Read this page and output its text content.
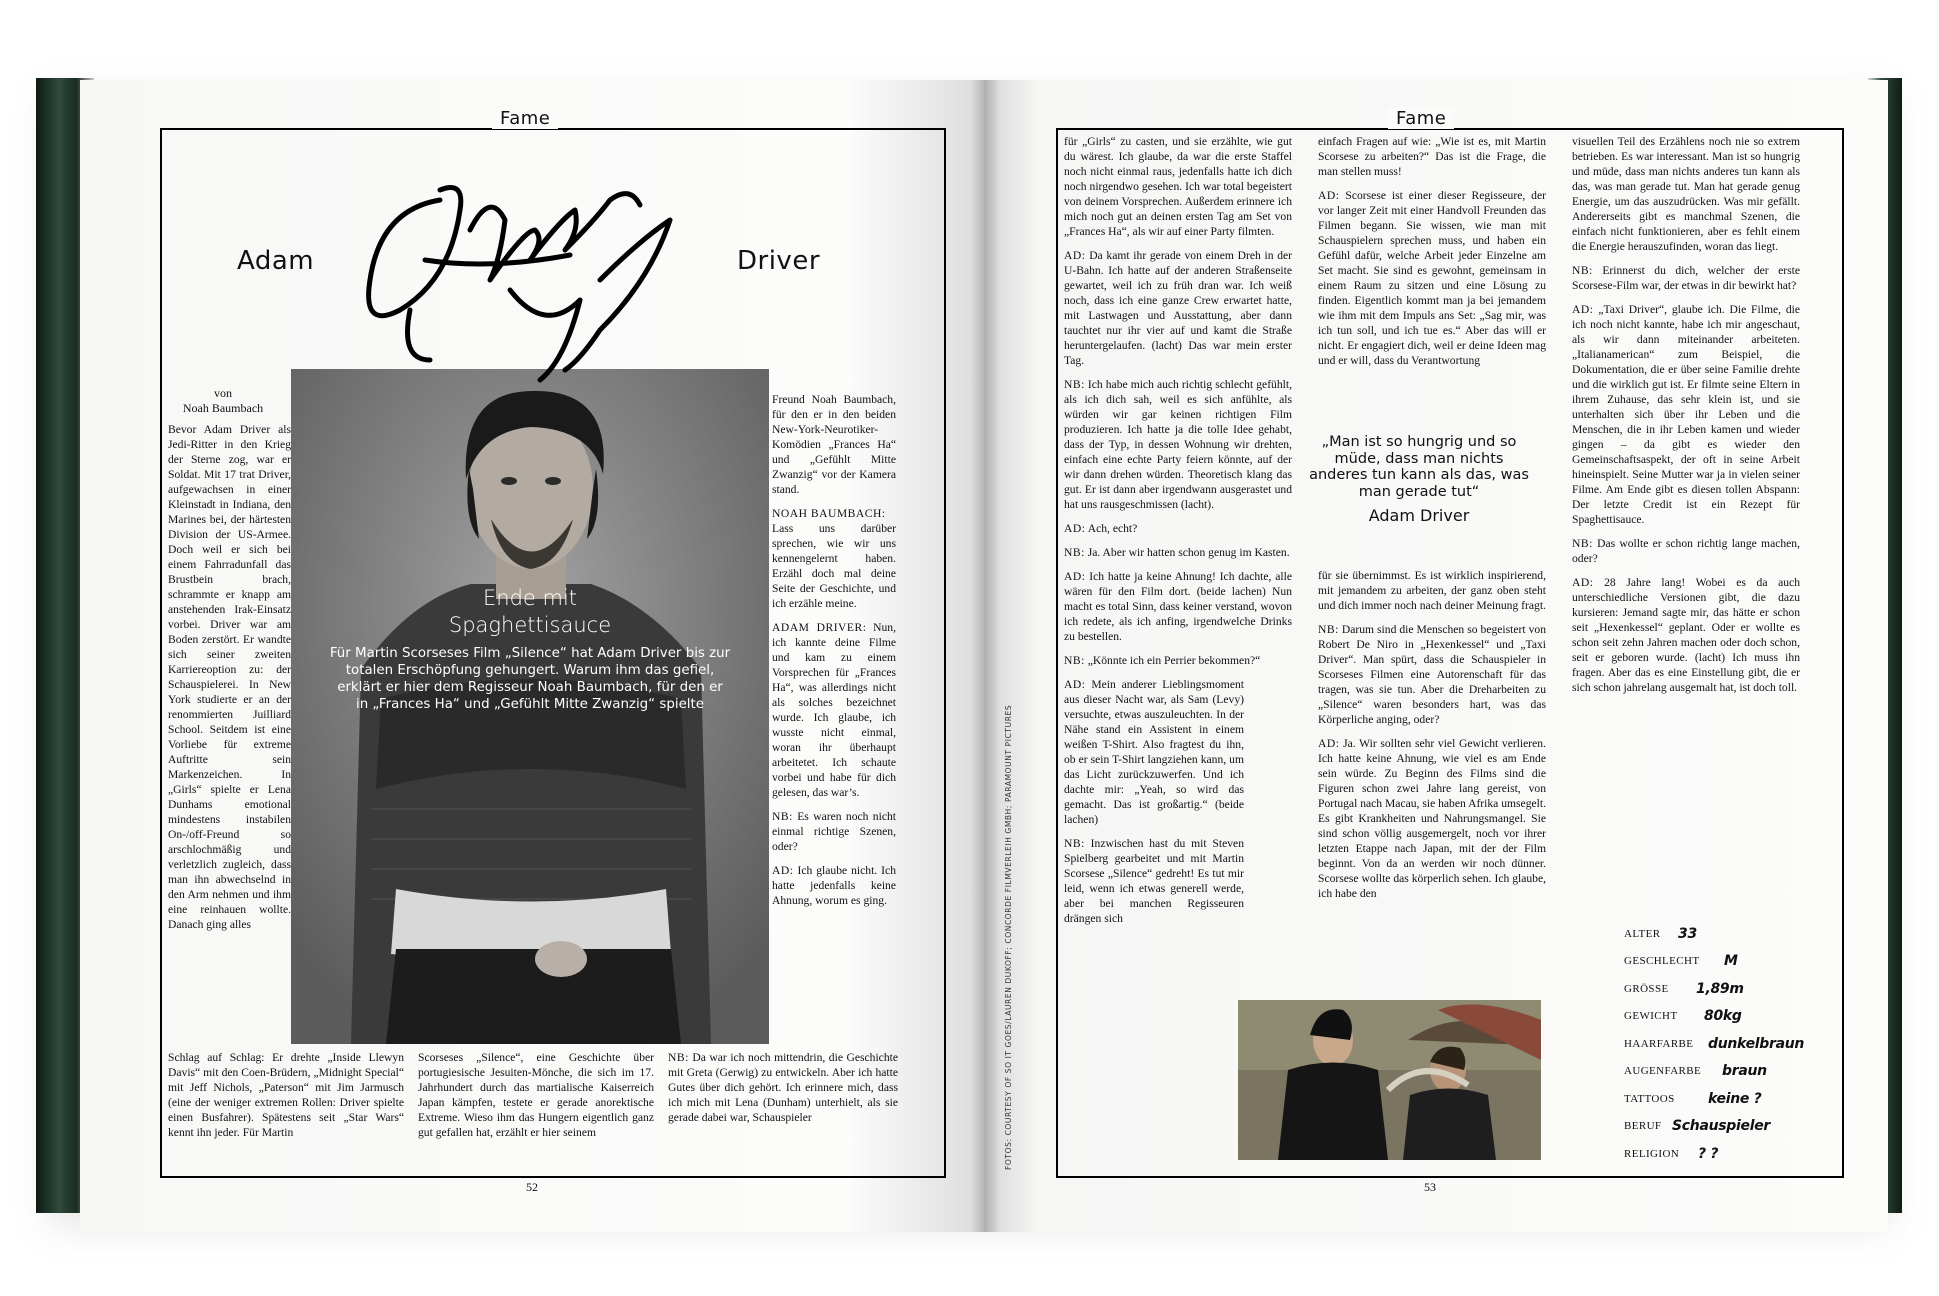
Fame
52
Fame
53
Adam	Driver
Ende mit
Spaghettisauce
Für Martin Scorseses Film „Silence“ hat Adam Driver bis zur totalen Erschöpfung gehungert. Warum ihm das gefiel, erklärt er hier dem Regisseur Noah Baumbach, für den er in „Frances Ha“ und „Gefühlt Mitte Zwanzig“ spielte
von
Noah Baumbach

Bevor Adam Driver als Jedi-Ritter in den Krieg der Sterne zog, war er Soldat. Mit 17 trat Driver, aufgewachsen in einer Kleinstadt in Indiana, den Marines bei, der härtesten Division der US-Armee. Doch weil er sich bei einem Fahrradunfall das Brustbein brach, schrammte er knapp am anstehenden Irak-Einsatz vorbei. Driver war am Boden zerstört. Er wandte sich seiner zweiten Karriereoption zu: der Schauspielerei. In New York studierte er an der renommierten Juilliard School. Seitdem ist eine Vorliebe für extreme Auftritte sein Markenzeichen. In „Girls“ spielte er Lena Dunhams emotional mindestens instabilen On-/off-Freund so arschlochmäßig und verletzlich zugleich, dass man ihn abwechselnd in den Arm nehmen und ihm eine reinhauen wollte. Danach ging alles

Freund Noah Baumbach, für den er in den beiden New-York-Neurotiker-Komödien „Frances Ha“ und „Gefühlt Mitte Zwanzig“ vor der Kamera stand.

NOAH BAUMBACH:
Lass uns darüber sprechen, wie wir uns kennengelernt haben. Erzähl doch mal deine Seite der Geschichte, und ich erzähle meine.

ADAM DRIVER: Nun, ich kannte deine Filme und kam zu einem Vorsprechen für „Frances Ha“, was allerdings nicht als solches bezeichnet wurde. Ich glaube, ich wusste nicht einmal, woran ihr überhaupt arbeitetet. Ich schaute vorbei und habe für dich gelesen, das war’s.

NB: Es waren noch nicht einmal richtige Szenen, oder?

AD: Ich glaube nicht. Ich hatte jedenfalls keine Ahnung, worum es ging.

Schlag auf Schlag: Er drehte „Inside Llewyn Davis“ mit den Coen-Brüdern, „Midnight Special“ mit Jeff Nichols, „Paterson“ mit Jim Jarmusch (eine der weniger extremen Rollen: Driver spielte einen Busfahrer). Spätestens seit „Star Wars“ kennt ihn jeder. Für Martin

Scorseses „Silence“, eine Geschichte über portugiesische Jesuiten-Mönche, die sich im 17. Jahrhundert durch das martialische Kaiserreich Japan kämpfen, testete er gerade anorektische Extreme. Wieso ihm das Hungern eigentlich ganz gut gefallen hat, erzählt er hier seinem

NB: Da war ich noch mittendrin, die Geschichte mit Greta (Gerwig) zu entwickeln. Aber ich hatte Gutes über dich gehört. Ich erinnere mich, dass ich mich mit Lena (Dunham) unterhielt, als sie gerade dabei war, Schauspieler

für „Girls“ zu casten, und sie erzählte, wie gut du wärest. Ich glaube, da war die erste Staffel noch nicht einmal raus, jedenfalls hatte ich dich noch nirgendwo gesehen. Ich war total begeistert von deinem Vorsprechen. Außerdem erinnere ich mich noch gut an deinen ersten Tag am Set von „Frances Ha“, als wir auf einer Party filmten.

AD: Da kamt ihr gerade von einem Dreh in der U-Bahn. Ich hatte auf der anderen Straßenseite gewartet, weil ich zu früh dran war. Ich weiß noch, dass ich eine ganze Crew erwartet hatte, mit Lastwagen und Ausstattung, aber dann tauchtet nur ihr vier auf und kamt die Straße heruntergelaufen. (lacht) Das war mein erster Tag.

NB: Ich habe mich auch richtig schlecht gefühlt, als ich dich sah, weil es sich anfühlte, als würden wir gar keinen richtigen Film produzieren. Ich hatte ja die tolle Idee gehabt, dass der Typ, in dessen Wohnung wir drehten, einfach eine echte Party feiern könnte, auf der wir dann drehen würden. Theoretisch klang das gut. Er ist dann aber irgendwann ausgerastet und hat uns rausgeschmissen (lacht).

AD: Ach, echt?

NB: Ja. Aber wir hatten schon genug im Kasten.

AD: Ich hatte ja keine Ahnung! Ich dachte, alle wären für den Film dort. (beide lachen) Nun macht es total Sinn, dass keiner verstand, wovon ich redete, als ich anfing, irgendwelche Drinks zu bestellen.

NB: „Könnte ich ein Perrier bekommen?“

AD: Mein anderer Lieblingsmoment aus dieser Nacht war, als Sam (Levy) versuchte, etwas auszuleuchten. In der Nähe stand ein Assistent in einem weißen T-Shirt. Also fragtest du ihn, ob er sein T-Shirt langziehen kann, um das Licht zurückzuwerfen. Und ich dachte mir: „Yeah, so wird das gemacht. Das ist großartig.“ (beide lachen)

NB: Inzwischen hast du mit Steven Spielberg gearbeitet und mit Martin Scorsese „Silence“ gedreht! Es tut mir leid, wenn ich etwas generell werde, aber bei manchen Regisseuren drängen sich

einfach Fragen auf wie: „Wie ist es, mit Martin Scorsese zu arbeiten?“ Das ist die Frage, die man stellen muss!

AD: Scorsese ist einer dieser Regisseure, der vor langer Zeit mit einer Handvoll Freunden das Filmen begann. Sie wissen, wie man mit Schauspielern sprechen muss, und haben ein Gefühl dafür, welche Arbeit jeder Einzelne am Set macht. Sie sind es gewohnt, gemeinsam in einem Raum zu sitzen und eine Lösung zu finden. Eigentlich kommt man ja bei jemandem wie ihm mit dem Impuls ans Set: „Sag mir, was ich tun soll, und ich tue es.“ Aber das will er nicht. Er engagiert dich, weil er deine Ideen mag und er will, dass du Verantwortung

„Man ist so hungrig und so müde, dass man nichts anderes tun kann als das, was man gerade tut“
Adam Driver

für sie übernimmst. Es ist wirklich inspirierend, mit jemandem zu arbeiten, der ganz oben steht und dich immer noch nach deiner Meinung fragt.

NB: Darum sind die Menschen so begeistert von Robert De Niro in „Hexenkessel“ und „Taxi Driver“. Man spürt, dass die Schauspieler in Scorseses Filmen eine Autorenschaft für das tragen, was sie tun. Aber die Dreharbeiten zu „Silence“ waren besonders hart, was das Körperliche anging, oder?

AD: Ja. Wir sollten sehr viel Gewicht verlieren. Ich hatte keine Ahnung, wie viel es am Ende sein würde. Zu Beginn des Films sind die Figuren schon zwei Jahre lang gereist, von Portugal nach Macau, sie haben Afrika umsegelt. Es gibt Krankheiten und Nahrungsmangel. Sie sind schon völlig ausgemergelt, noch vor ihrer letzten Etappe nach Japan, mit der der Film beginnt. Von da an werden wir noch dünner. Scorsese wollte das körperlich sehen. Ich glaube, ich habe den

visuellen Teil des Erzählens noch nie so extrem betrieben. Es war interessant. Man ist so hungrig und müde, dass man nichts anderes tun kann als das, was man gerade tut. Man hat gerade genug Energie, um das auszudrücken. Was mir gefällt. Andererseits gibt es manchmal Szenen, die einfach nicht funktionieren, aber es fehlt einem die Energie herauszufinden, woran das liegt.

NB: Erinnerst du dich, welcher der erste Scorsese-Film war, der etwas in dir bewirkt hat?

AD: „Taxi Driver“, glaube ich. Die Filme, die ich noch nicht kannte, habe ich mir angeschaut, als wir dann miteinander arbeiteten. „Italianamerican“ zum Beispiel, die Dokumentation, die er über seine Familie drehte und die wirklich gut ist. Er filmte seine Eltern in ihrem Zuhause, das sehr klein ist, und sie unterhalten sich über ihr Leben und die Menschen, die in ihr Leben kamen und wieder gingen – da gibt es wieder den Gemeinschaftsaspekt, der oft in seine Arbeit hineinspielt. Seine Mutter war ja in vielen seiner Filme. Am Ende gibt es diesen tollen Abspann: Der letzte Credit ist ein Rezept für Spaghettisauce.

NB: Das wollte er schon richtig lange machen, oder?

AD: 28 Jahre lang! Wobei es da auch unterschiedliche Versionen gibt, die dazu kursieren: Jemand sagte mir, das hätte er schon seit „Hexenkessel“ geplant. Oder er wollte es schon seit zehn Jahren machen oder doch schon, seit er geboren wurde. (lacht) Ich muss ihn fragen. Aber das es eine Einstellung gibt, die er sich schon jahrelang ausgemalt hat, ist doch toll.

FOTOS: COURTESY OF SO IT GOES/LAUREN DUKOFF; CONCORDE FILMVERLEIH GMBH; PARAMOUNT PICTURES	ALTER 33
GESCHLECHT M
GRÖSSE 1,89m
GEWICHT 80kg
HAARFARBE dunkelbraun
AUGENFARBE braun
TATTOOS keine ?
BERUF Schauspieler
RELIGION ? ?
